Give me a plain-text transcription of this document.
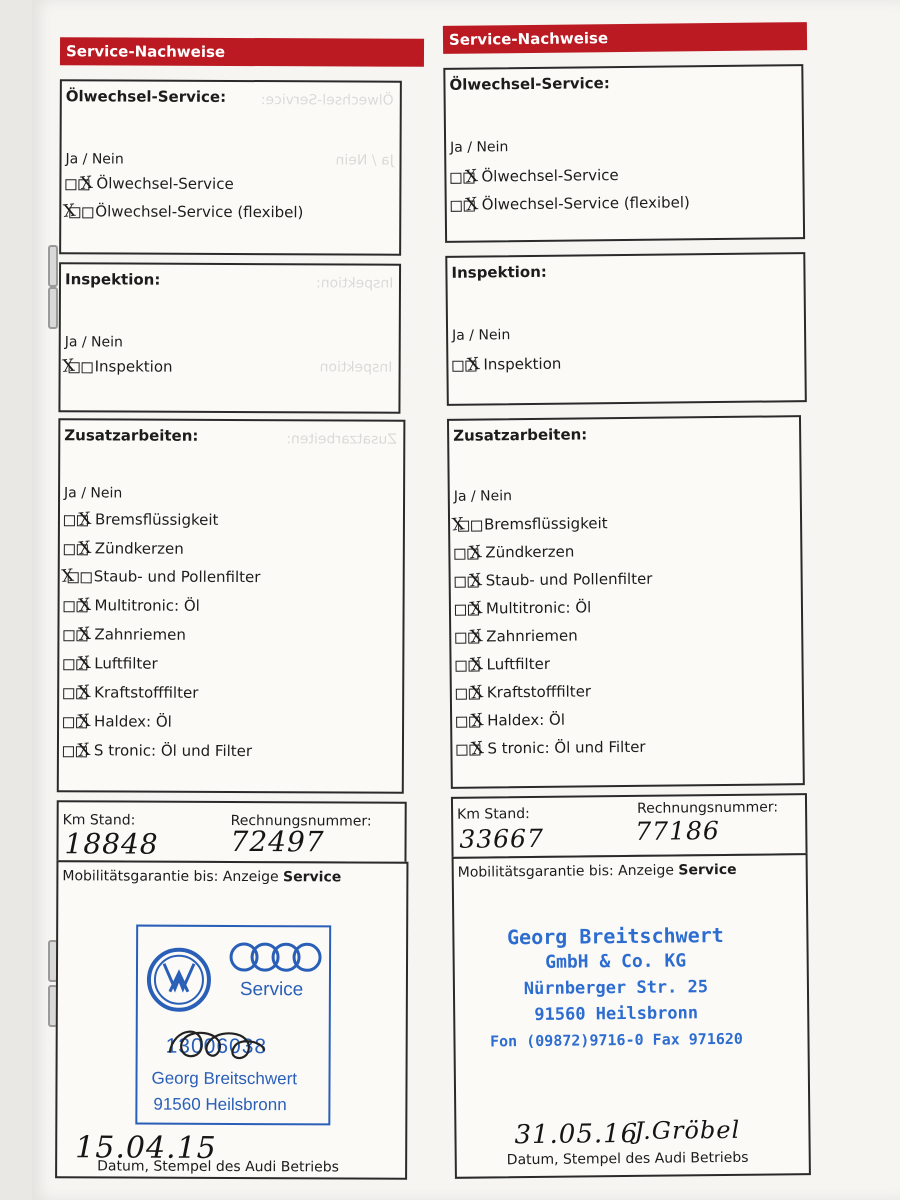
Service-Nachweise
Ölwechsel-Service: Ölwechsel-Service:
Ja / Nein	Ja / Nein
X Ölwechsel-Service
X Ölwechsel-Service (flexibel)
Inspektion:	Inspektion:
Ja / Nein
X Inspektion	Inspektion
Zusatzarbeiten:	Zusatzarbeiten:
Ja / Nein
X Bremsflüssigkeit
X Zündkerzen
X Staub- und Pollenfilter
X Multitronic: Öl
X Zahnriemen
X Luftfilter
X Kraftstofffilter
X Haldex: Öl
X S tronic: Öl und Filter
Km Stand:	Rechnungsnummer:
18848	72497
Mobilitätsgarantie bis: Anzeige Service
Service
13006038
Georg Breitschwert
91560 Heilsbronn
15.04.15
Datum, Stempel des Audi Betriebs
Service-Nachweise
Ölwechsel-Service:
Ja / Nein
X Ölwechsel-Service
X Ölwechsel-Service (flexibel)
Inspektion:
Ja / Nein
X Inspektion
Zusatzarbeiten:
Ja / Nein
X Bremsflüssigkeit
X Zündkerzen
X Staub- und Pollenfilter
X Multitronic: Öl
X Zahnriemen
X Luftfilter
X Kraftstofffilter
X Haldex: Öl
X S tronic: Öl und Filter
Km Stand:	Rechnungsnummer:
33667	77186
Mobilitätsgarantie bis: Anzeige Service
Georg Breitschwert
GmbH & Co. KG
Nürnberger Str. 25
91560 Heilsbronn
Fon (09872)9716-0 Fax 971620
31.05.16
J.Gröbel
Datum, Stempel des Audi Betriebs
